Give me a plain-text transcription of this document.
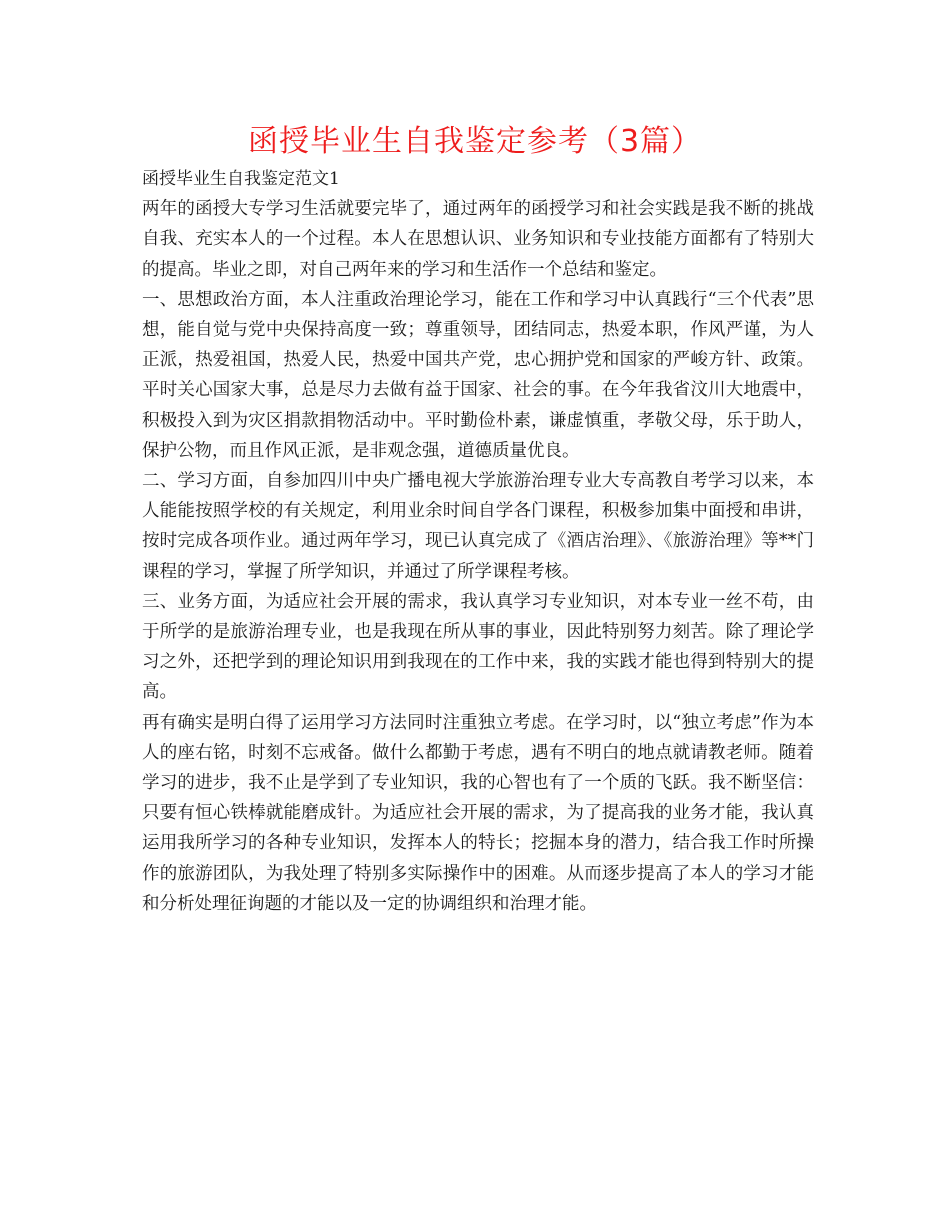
函授毕业生自我鉴定参考（3篇）

函授毕业生自我鉴定范文1

两年的函授大专学习生活就要完毕了，通过两年的函授学习和社会实践是我不断的挑战自我、充实本人的一个过程。本人在思想认识、业务知识和专业技能方面都有了特别大的提高。毕业之即，对自己两年来的学习和生活作一个总结和鉴定。

一、思想政治方面，本人注重政治理论学习，能在工作和学习中认真践行“三个代表”思想，能自觉与党中央保持高度一致；尊重领导，团结同志，热爱本职，作风严谨，为人正派，热爱祖国，热爱人民，热爱中国共产党，忠心拥护党和国家的严峻方针、政策。平时关心国家大事，总是尽力去做有益于国家、社会的事。在今年我省汶川大地震中，积极投入到为灾区捐款捐物活动中。平时勤俭朴素，谦虚慎重，孝敬父母，乐于助人，保护公物，而且作风正派，是非观念强，道德质量优良。

二、学习方面，自参加四川中央广播电视大学旅游治理专业大专高教自考学习以来，本人能能按照学校的有关规定，利用业余时间自学各门课程，积极参加集中面授和串讲，按时完成各项作业。通过两年学习，现已认真完成了《酒店治理》、《旅游治理》等**门课程的学习，掌握了所学知识，并通过了所学课程考核。

三、业务方面，为适应社会开展的需求，我认真学习专业知识，对本专业一丝不苟，由于所学的是旅游治理专业，也是我现在所从事的事业，因此特别努力刻苦。除了理论学习之外，还把学到的理论知识用到我现在的工作中来，我的实践才能也得到特别大的提高。

再有确实是明白得了运用学习方法同时注重独立考虑。在学习时，以“独立考虑”作为本人的座右铭，时刻不忘戒备。做什么都勤于考虑，遇有不明白的地点就请教老师。随着学习的进步，我不止是学到了专业知识，我的心智也有了一个质的飞跃。我不断坚信：只要有恒心铁棒就能磨成针。为适应社会开展的需求，为了提高我的业务才能，我认真运用我所学习的各种专业知识，发挥本人的特长；挖掘本身的潜力，结合我工作时所操作的旅游团队，为我处理了特别多实际操作中的困难。从而逐步提高了本人的学习才能和分析处理征询题的才能以及一定的协调组织和治理才能。
